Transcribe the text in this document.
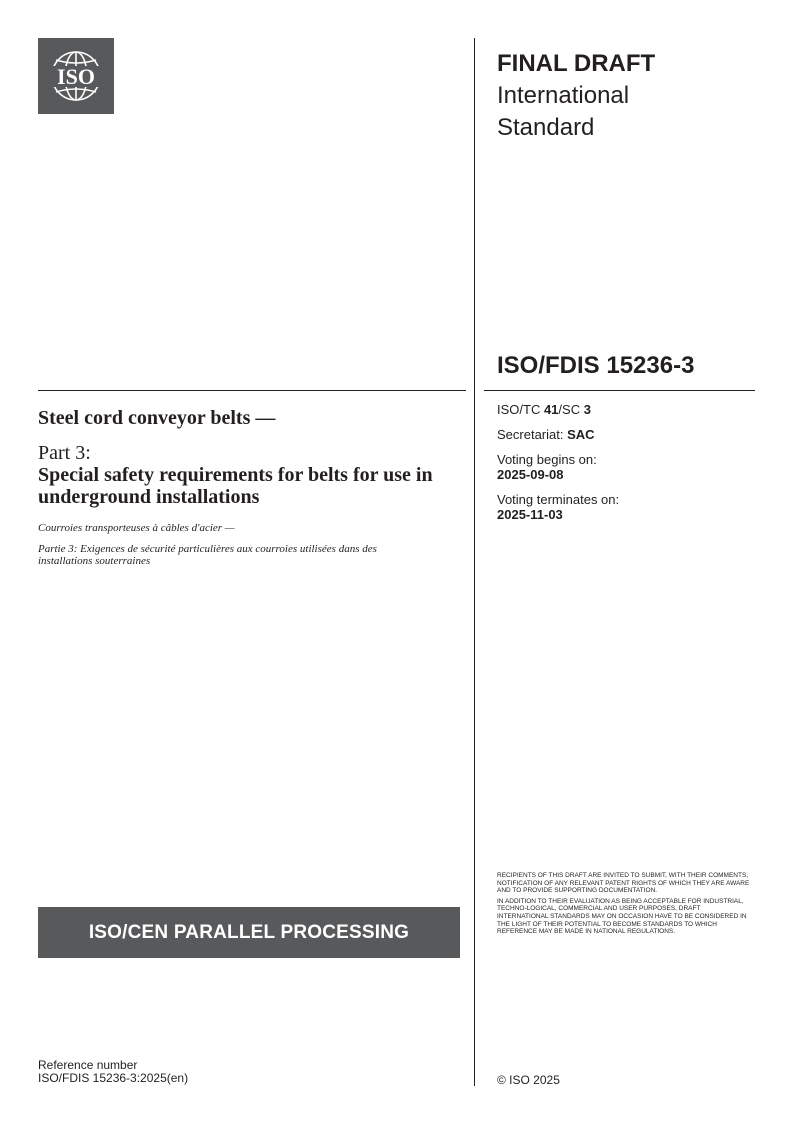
ISO	FINAL DRAFT
International
Standard
ISO/FDIS 15236-3
ISO/TC 41/SC 3
Secretariat: SAC
Voting begins on:
2025-09-08
Voting terminates on:
2025-11-03
Steel cord conveyor belts —
Part 3:
Special safety requirements for belts for use in underground installations
Courroies transporteuses à câbles d'acier —
Partie 3: Exigences de sécurité particulières aux courroies utilisées dans des installations souterraines
ISO/CEN PARALLEL PROCESSING

RECIPIENTS OF THIS DRAFT ARE INVITED TO SUBMIT, WITH THEIR COMMENTS, NOTIFICATION OF ANY RELEVANT PATENT RIGHTS OF WHICH THEY ARE AWARE AND TO PROVIDE SUPPORTING DOCUMENTATION.

IN ADDITION TO THEIR EVALUATION AS BEING ACCEPTABLE FOR INDUSTRIAL, TECHNO-LOGICAL, COMMERCIAL AND USER PURPOSES, DRAFT INTERNATIONAL STANDARDS MAY ON OCCASION HAVE TO BE CONSIDERED IN THE LIGHT OF THEIR POTENTIAL TO BECOME STANDARDS TO WHICH REFERENCE MAY BE MADE IN NATIONAL REGULATIONS.

Reference number
ISO/FDIS 15236-3:2025(en)	© ISO 2025
